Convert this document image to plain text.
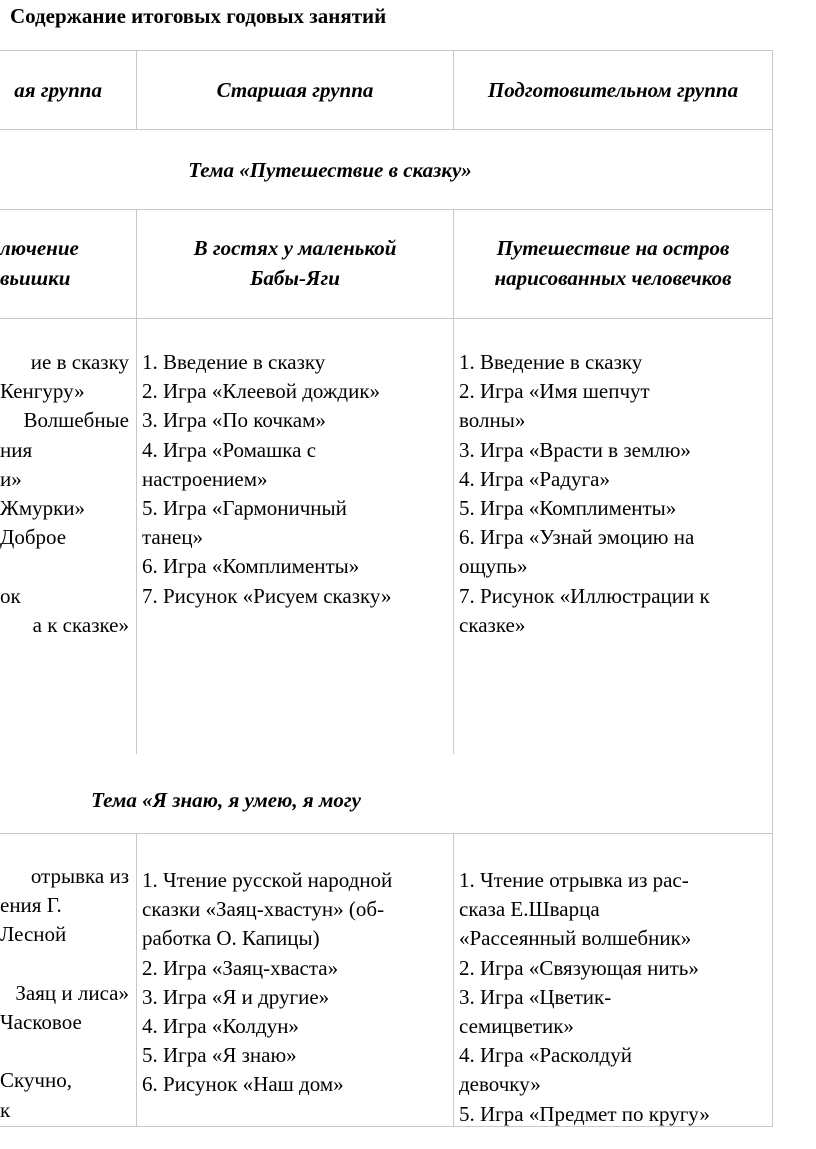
Содержание итоговых годовых занятий
ая группа	Старшая группа	Подготовительном группа
Тема «Путешествие в сказку»
лючение
вьишки
В гостях у маленькой
Бабы-Яги
Путешествие на остров
нарисованных человечков
ие в сказку
Кенгуру»
Волшебные
ния
и»
Жмурки»
Доброе
ок
а к сказке»
1. Введение в сказку
2. Игра «Клеевой дождик»
3. Игра «По кочкам»
4. Игра «Ромашка с
настроением»
5. Игра «Гармоничный
танец»
6. Игра «Комплименты»
7. Рисунок «Рисуем сказку»
1. Введение в сказку
2. Игра «Имя шепчут
волны»
3. Игра «Врасти в землю»
4. Игра «Радуга»
5. Игра «Комплименты»
6. Игра «Узнай эмоцию на
ощупь»
7. Рисунок «Иллюстрации к
сказке»
Тема «Я знаю, я умею, я могу
отрывка из
ения Г.
Лесной
Заяц и лиса»
Часковое
Скучно,
к
1. Чтение русской народной
сказки «Заяц-хвастун» (об-
работка О. Капицы)
2. Игра «Заяц-хваста»
3. Игра «Я и другие»
4. Игра «Колдун»
5. Игра «Я знаю»
6. Рисунок «Наш дом»
1. Чтение отрывка из рас-
сказа Е.Шварца
«Рассеянный волшебник»
2. Игра «Связующая нить»
3. Игра «Цветик-
семицветик»
4. Игра «Расколдуй
девочку»
5. Игра «Предмет по кругу»
